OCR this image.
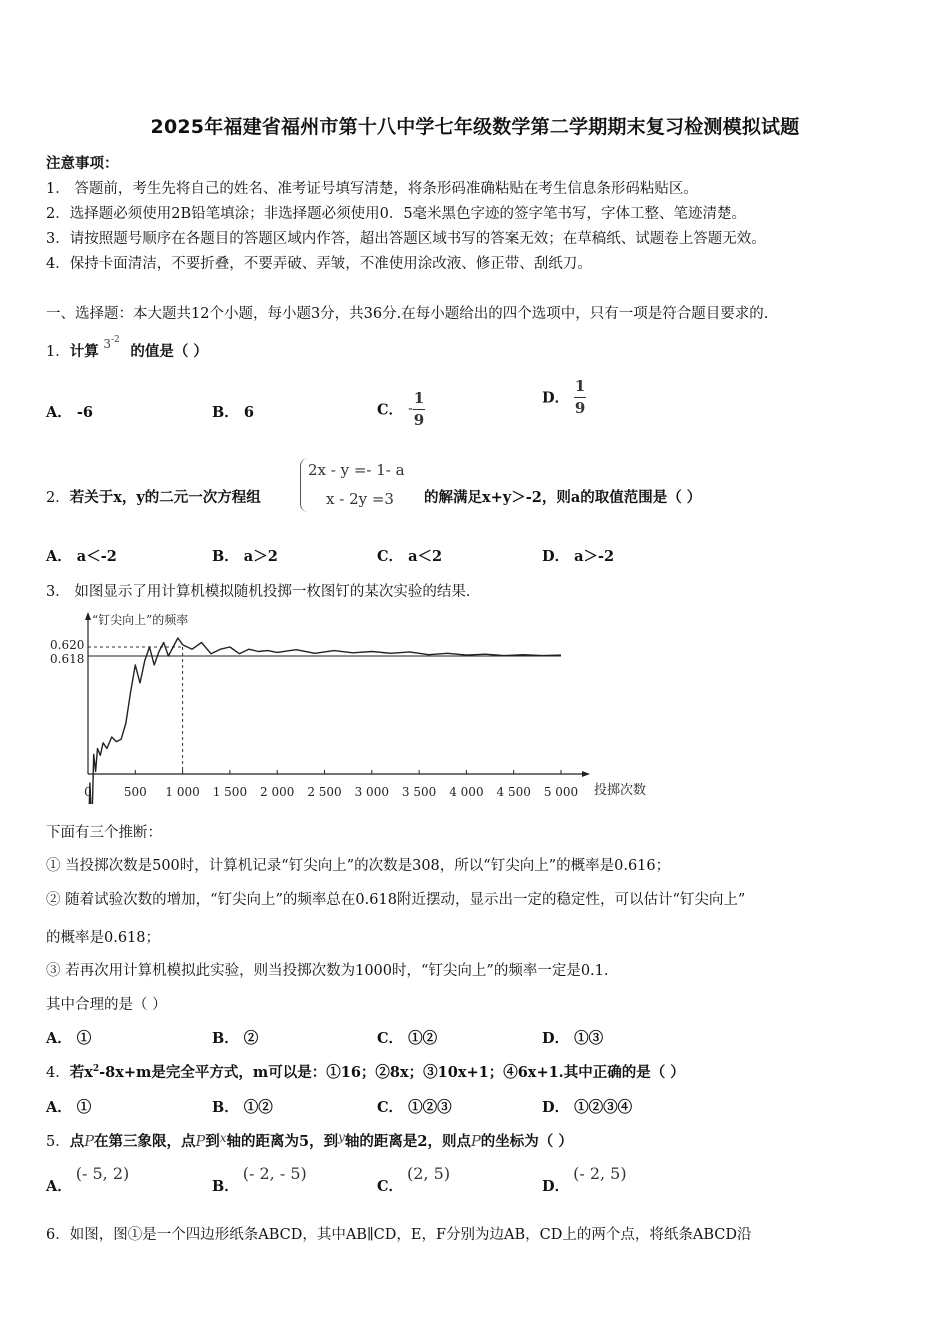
2025年福建省福州市第十八中学七年级数学第二学期期末复习检测模拟试题
注意事项：
1． 答题前，考生先将自己的姓名、准考证号填写清楚，将条形码准确粘贴在考生信息条形码粘贴区。
2．选择题必须使用2B铅笔填涂；非选择题必须使用0．5毫米黑色字迹的签字笔书写，字体工整、笔迹清楚。
3．请按照题号顺序在各题目的答题区域内作答，超出答题区域书写的答案无效；在草稿纸、试题卷上答题无效。
4．保持卡面清洁，不要折叠，不要弄破、弄皱，不准使用涂改液、修正带、刮纸刀。
一、选择题：本大题共12个小题，每小题3分，共36分.在每小题给出的四个选项中，只有一项是符合题目要求的.
1．计算 $^{3-2}$ 的值是（ ）
A． -6	B． 6	C． - $\frac{1}{9}$	D． $\frac{1}{9}$
2．若关于x，y的二元一次方程组
2x - y =- 1- a
x - 2y =3 的解满足x+y＞-2，则a的取值范围是（ ）
A． a＜-2	B． a＞2	C． a＜2	D． a＞-2
3． 如图显示了用计算机模拟随机投掷一枚图钉的某次实验的结果．
“钉尖向上”的频率
投掷次数
0	500 1 000 1 500 2 000 2 500 3 000 3 500 4 000 4 500 5 000
0.620
0.618
下面有三个推断：
① 当投掷次数是500时，计算机记录“钉尖向上”的次数是308，所以“钉尖向上”的概率是0.616；
② 随着试验次数的增加，“钉尖向上”的频率总在0.618附近摆动，显示出一定的稳定性，可以估计“钉尖向上”
的概率是0.618；
③ 若再次用计算机模拟此实验，则当投掷次数为1000时，“钉尖向上”的频率一定是0.1.
其中合理的是（ ）
A． ①	B． ②	C． ①②	D． ①③
4．若$x^2-8x+m$是完全平方式，m可以是：①16；②8x；③10x+1；④6x+1.其中正确的是（ ）
A． ①	B． ①②	C． ①②③	D． ①②③④
5．点P在第三象限，点P到$^x$轴的距离为5，到$^y$轴的距离是2，则点P的坐标为（ ）
A．(- 5, 2)
B．(- 2, - 5)
C．(2, 5)
D．(- 2, 5)
6．如图，图①是一个四边形纸条ABCD，其中AB∥CD，E，F分别为边AB，CD上的两个点，将纸条ABCD沿
